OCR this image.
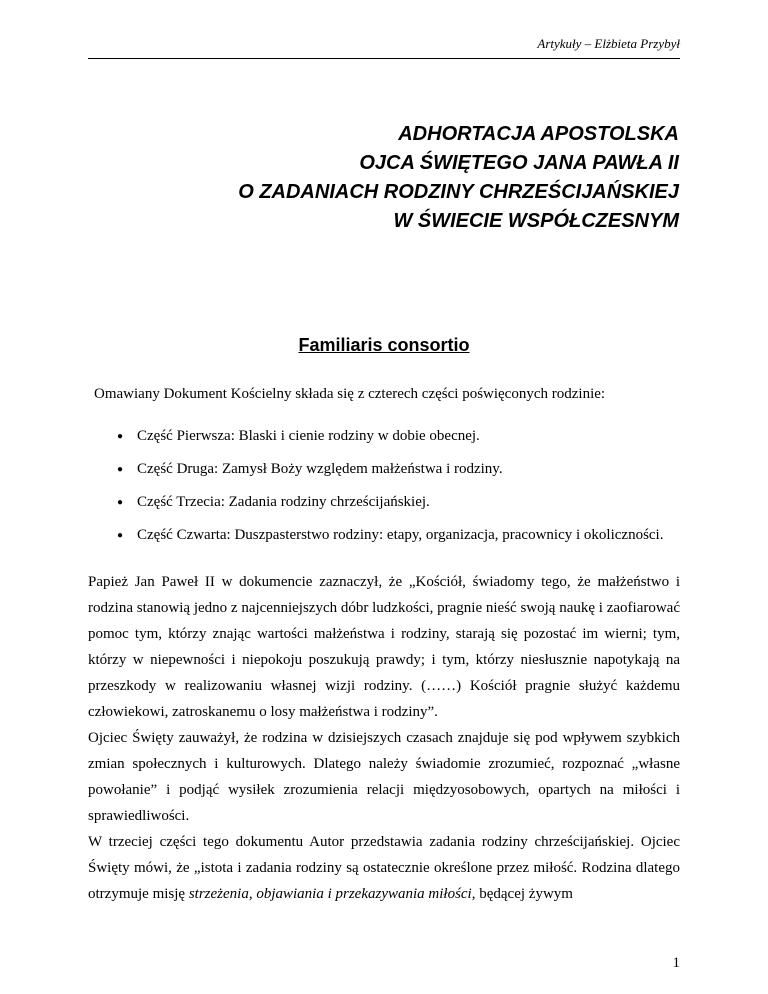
Artykuły – Elżbieta Przybył
ADHORTACJA APOSTOLSKA
OJCA ŚWIĘTEGO JANA PAWŁA II
O ZADANIACH RODZINY CHRZEŚCIJAŃSKIEJ
W ŚWIECIE WSPÓŁCZESNYM
Familiaris consortio

Omawiany Dokument Kościelny składa się z czterech części poświęconych rodzinie:

● Część Pierwsza: Blaski i cienie rodziny w dobie obecnej.
● Część Druga: Zamysł Boży względem małżeństwa i rodziny.
● Część Trzecia: Zadania rodziny chrześcijańskiej.
● Część Czwarta: Duszpasterstwo rodziny: etapy, organizacja, pracownicy i okoliczności.

Papież Jan Paweł II w dokumencie zaznaczył, że „Kościół, świadomy tego, że małżeństwo i rodzina stanowią jedno z najcenniejszych dóbr ludzkości, pragnie nieść swoją naukę i zaofiarować pomoc tym, którzy znając wartości małżeństwa i rodziny, starają się pozostać im wierni; tym, którzy w niepewności i niepokoju poszukują prawdy; i tym, którzy niesłusznie napotykają na przeszkody w realizowaniu własnej wizji rodziny. (……) Kościół pragnie służyć każdemu człowiekowi, zatroskanemu o losy małżeństwa i rodziny”.

Ojciec Święty zauważył, że rodzina w dzisiejszych czasach znajduje się pod wpływem szybkich zmian społecznych i kulturowych. Dlatego należy świadomie zrozumieć, rozpoznać „własne powołanie” i podjąć wysiłek zrozumienia relacji międzyosobowych, opartych na miłości i sprawiedliwości.

W trzeciej części tego dokumentu Autor przedstawia zadania rodziny chrześcijańskiej. Ojciec Święty mówi, że „istota i zadania rodziny są ostatecznie określone przez miłość. Rodzina dlatego otrzymuje misję strzeżenia, objawiania i przekazywania miłości, będącej żywym

1
